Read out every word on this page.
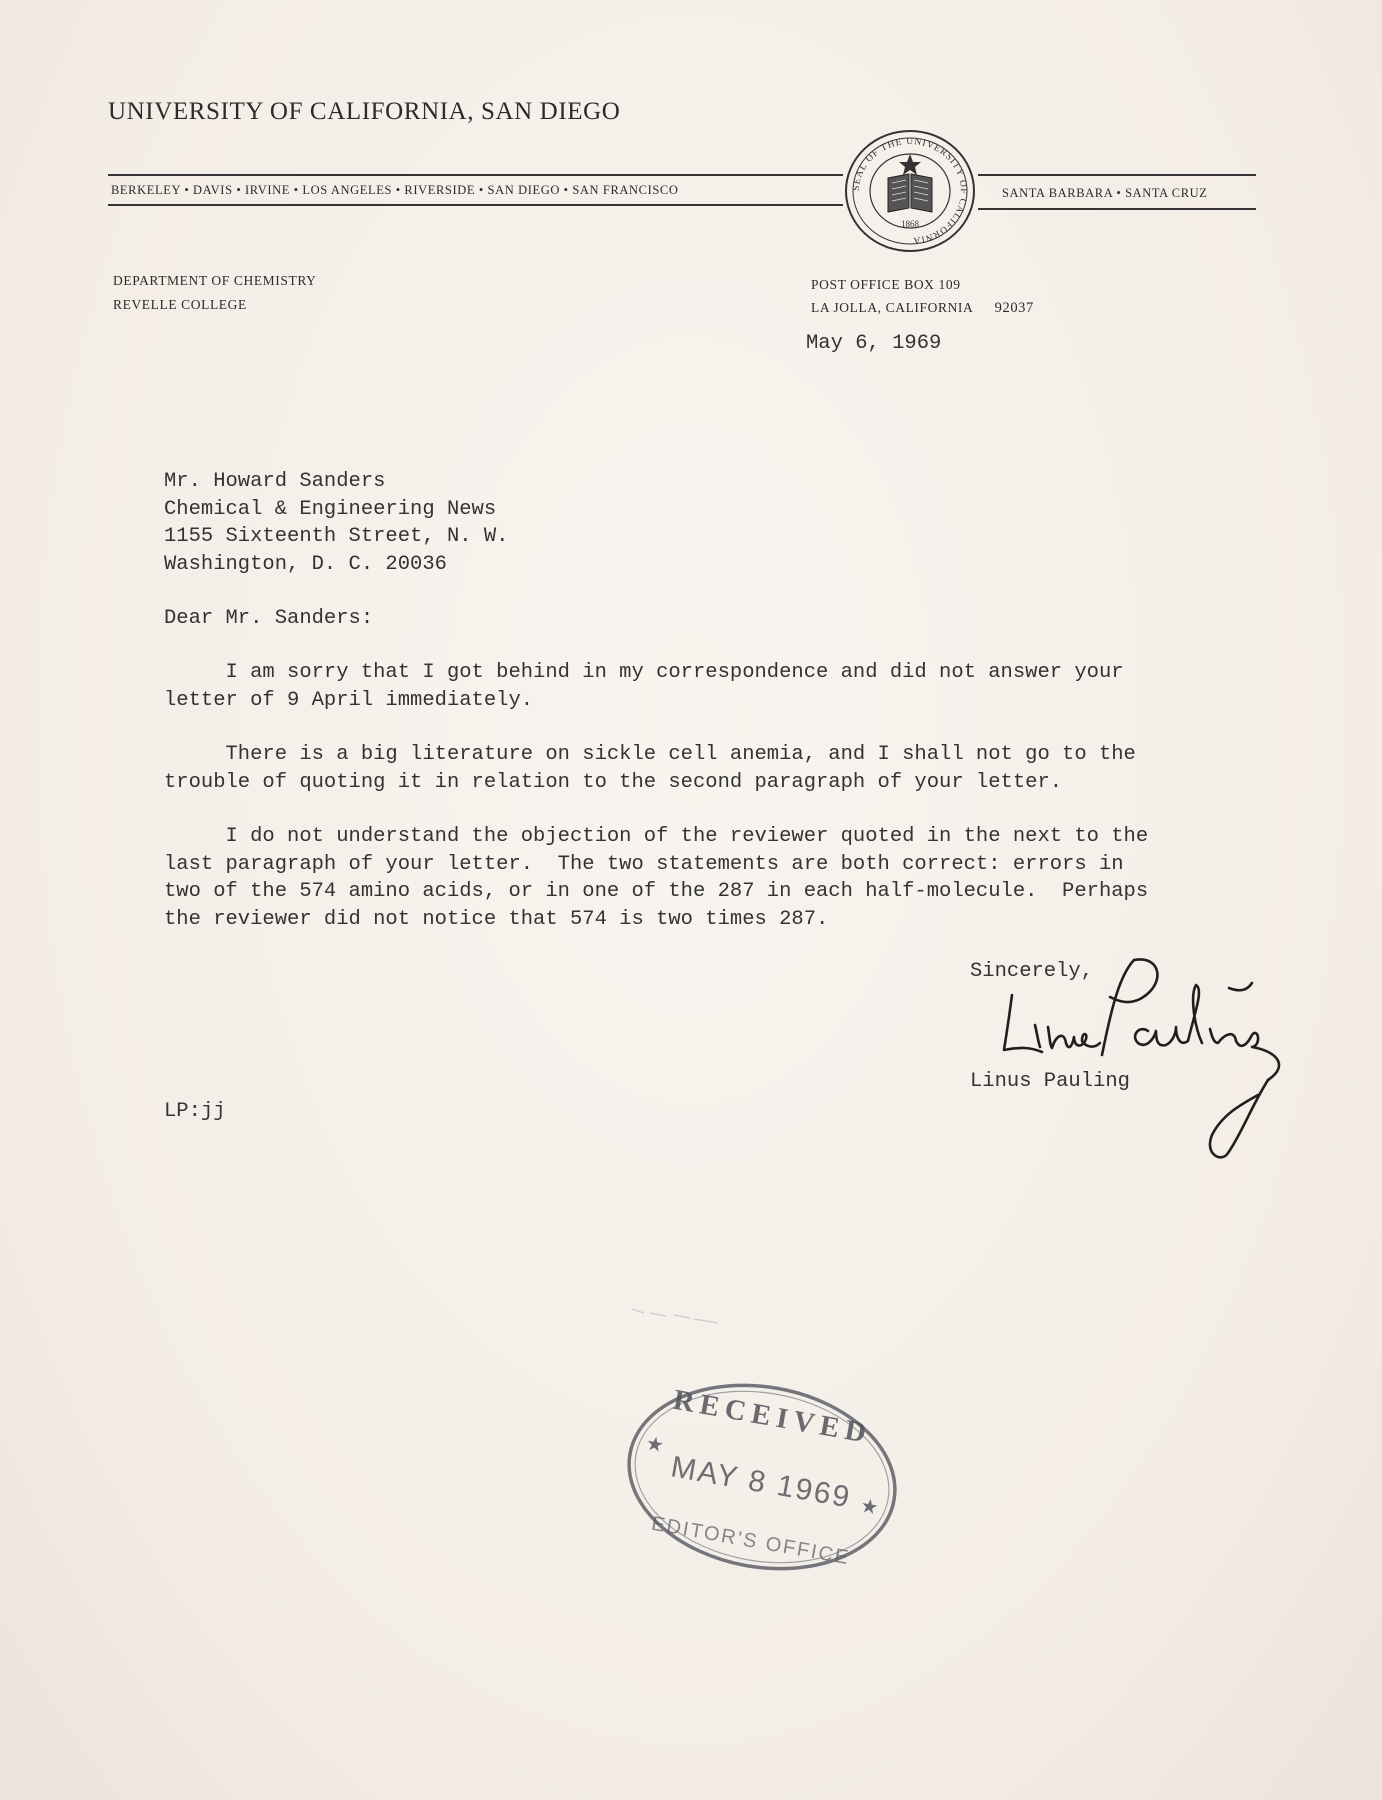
UNIVERSITY OF CALIFORNIA, SAN DIEGO
BERKELEY • DAVIS • IRVINE • LOS ANGELES • RIVERSIDE • SAN DIEGO • SAN FRANCISCO	SEAL OF THE UNIVERSITY OF CALIFORNIA
1868
SANTA BARBARA • SANTA CRUZ
DEPARTMENT OF CHEMISTRY
REVELLE COLLEGE
POST OFFICE BOX 109
LA JOLLA, CALIFORNIA 92037
May 6, 1969
Mr. Howard Sanders
Chemical & Engineering News
1155 Sixteenth Street, N. W.
Washington, D. C. 20036
Dear Mr. Sanders:
I am sorry that I got behind in my correspondence and did not answer your
letter of 9 April immediately.
There is a big literature on sickle cell anemia, and I shall not go to the
trouble of quoting it in relation to the second paragraph of your letter.
I do not understand the objection of the reviewer quoted in the next to the
last paragraph of your letter.  The two statements are both correct: errors in
two of the 574 amino acids, or in one of the 287 in each half-molecule.  Perhaps
the reviewer did not notice that 574 is two times 287.
Sincerely,
Linus Pauling
LP:jj
RECEIVED
MAY 8 1969
EDITOR'S OFFICE
★
★
